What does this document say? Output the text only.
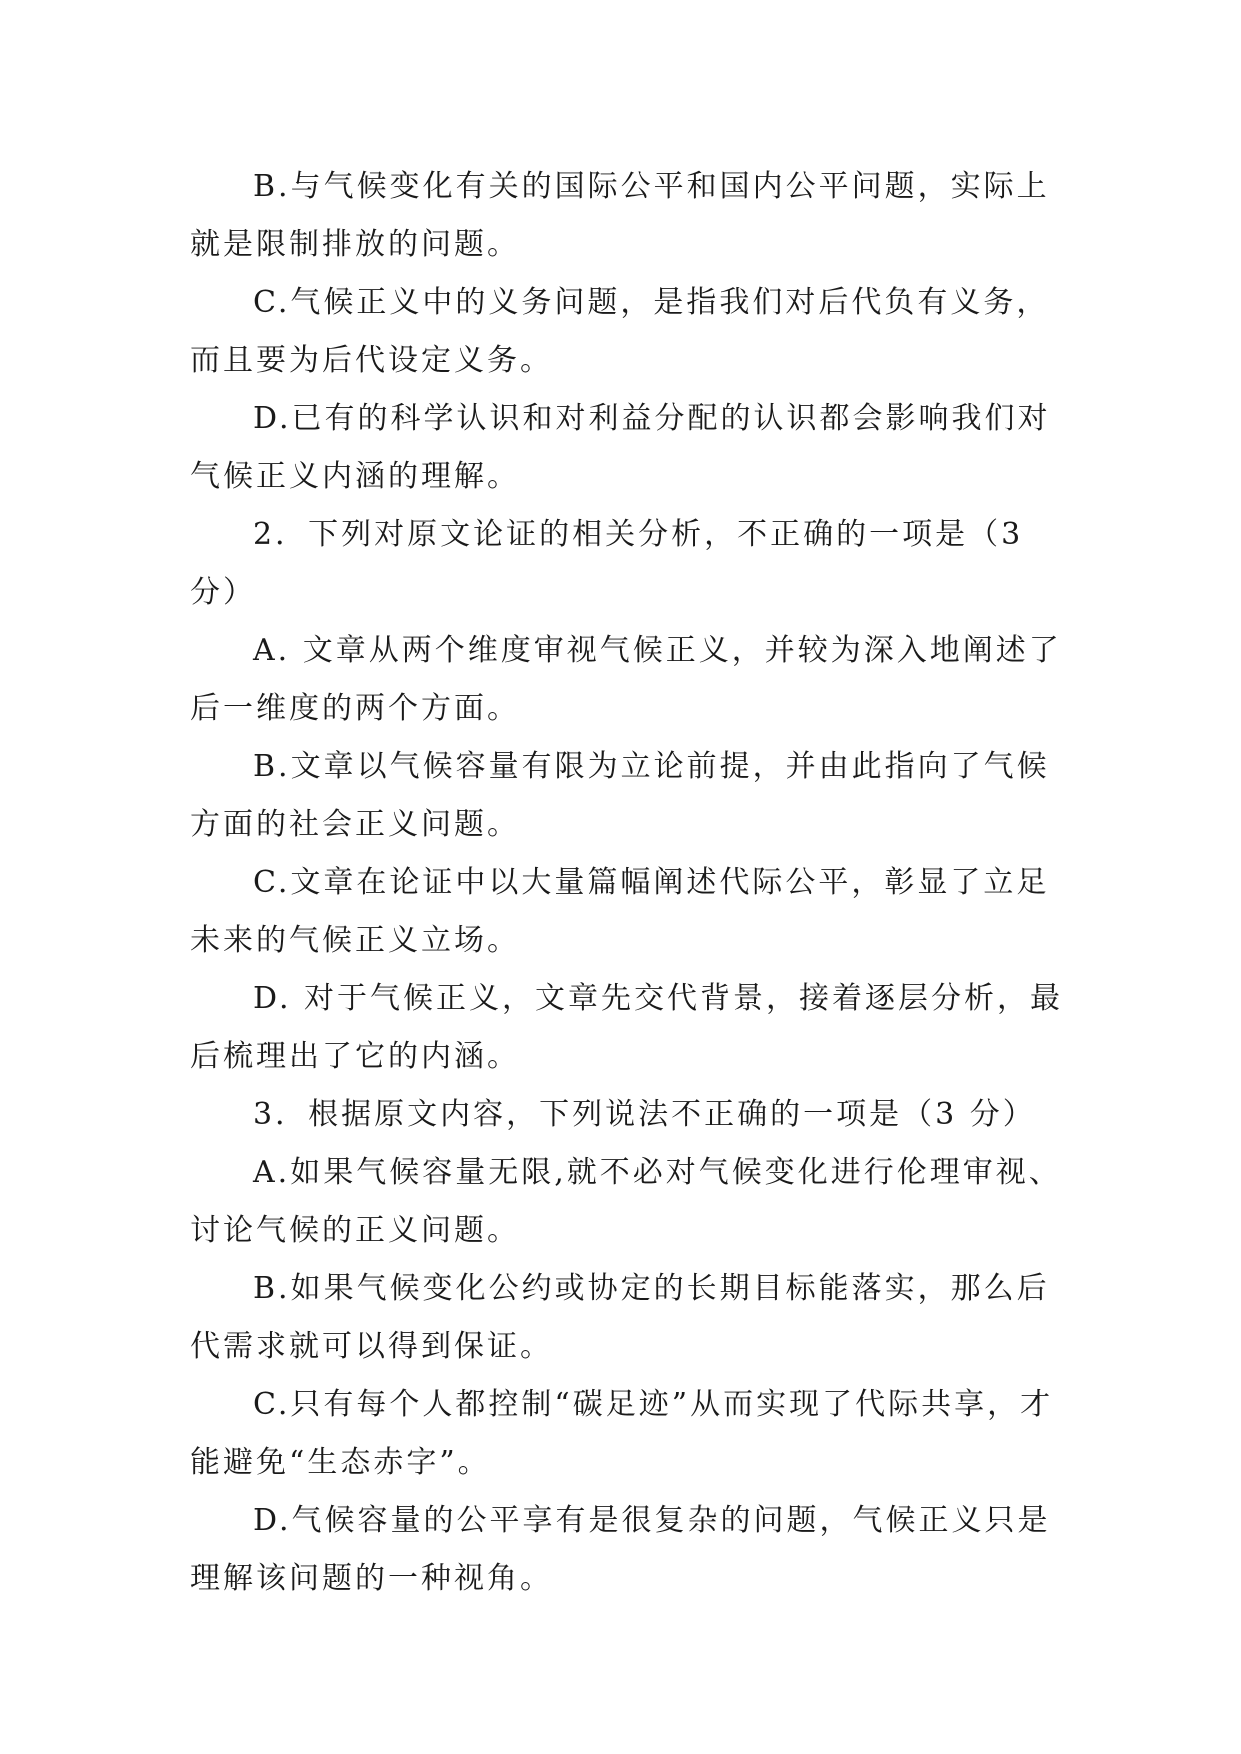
B.与气候变化有关的国际公平和国内公平问题，实际上就是限制排放的问题。

C.气候正义中的义务问题，是指我们对后代负有义务，而且要为后代设定义务。

D.已有的科学认识和对利益分配的认识都会影响我们对气候正义内涵的理解。

2．下列对原文论证的相关分析，不正确的一项是（3 分）

A. 文章从两个维度审视气候正义，并较为深入地阐述了后一维度的两个方面。

B.文章以气候容量有限为立论前提，并由此指向了气候方面的社会正义问题。

C.文章在论证中以大量篇幅阐述代际公平，彰显了立足未来的气候正义立场。

D. 对于气候正义，文章先交代背景，接着逐层分析，最后梳理出了它的内涵。

3．根据原文内容，下列说法不正确的一项是（3 分）

A.如果气候容量无限,就不必对气候变化进行伦理审视、讨论气候的正义问题。

B.如果气候变化公约或协定的长期目标能落实，那么后代需求就可以得到保证。

C.只有每个人都控制“碳足迹”从而实现了代际共享，才能避免“生态赤字”。

D.气候容量的公平享有是很复杂的问题，气候正义只是理解该问题的一种视角。
